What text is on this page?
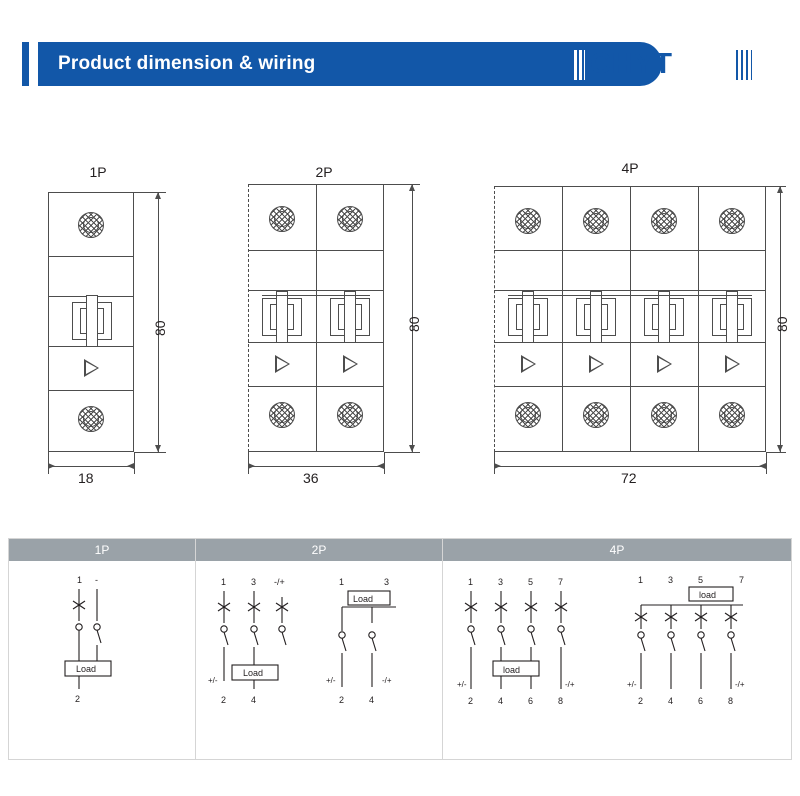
Product dimension & wiring	CHYT
1P
80
18
2P
80
36
4P
80
72
1P	2P	4P
1 -
2
Load
1	3 -/+
2	4
+/-
Load
1	3
Load
+/-	-/+
2	4
1	3	5	7
+/-	-/+
load
2	4	6	8
1	3	5	7
load
+/-	-/+
2	4	6	8
